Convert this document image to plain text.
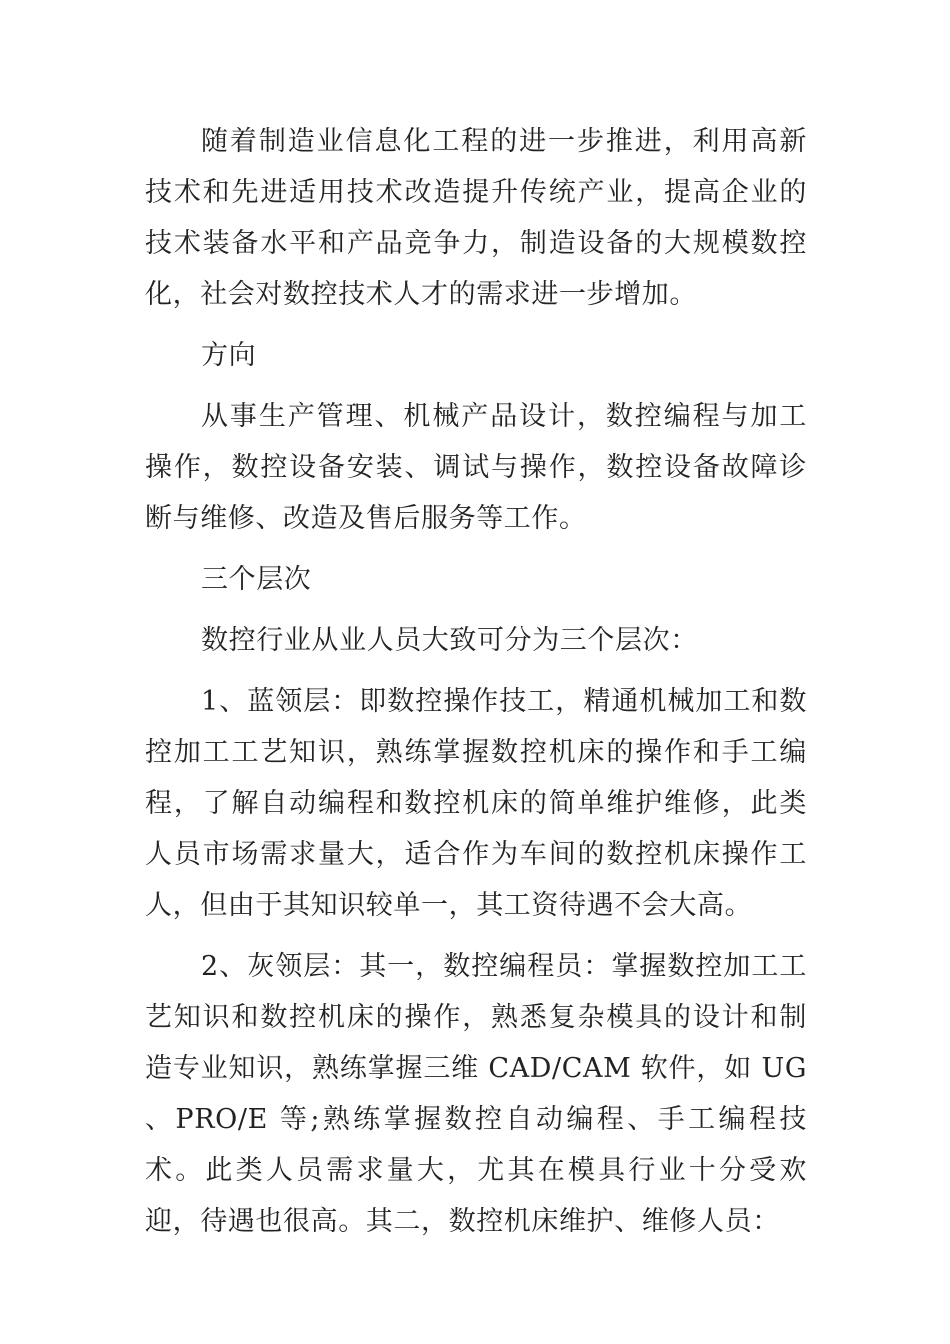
随着制造业信息化工程的进一步推进，利用高新技术和先进适用技术改造提升传统产业，提高企业的技术装备水平和产品竞争力，制造设备的大规模数控化，社会对数控技术人才的需求进一步增加。

方向

从事生产管理、机械产品设计，数控编程与加工操作，数控设备安装、调试与操作，数控设备故障诊断与维修、改造及售后服务等工作。

三个层次

数控行业从业人员大致可分为三个层次：

1、蓝领层：即数控操作技工，精通机械加工和数控加工工艺知识，熟练掌握数控机床的操作和手工编程，了解自动编程和数控机床的简单维护维修，此类人员市场需求量大，适合作为车间的数控机床操作工人，但由于其知识较单一，其工资待遇不会大高。

2、灰领层：其一，数控编程员：掌握数控加工工艺知识和数控机床的操作，熟悉复杂模具的设计和制造专业知识，熟练掌握三维 CAD/CAM 软件，如 UG 、PRO/E 等;熟练掌握数控自动编程、手工编程技术。此类人员需求量大，尤其在模具行业十分受欢迎，待遇也很高。其二，数控机床维护、维修人员：
